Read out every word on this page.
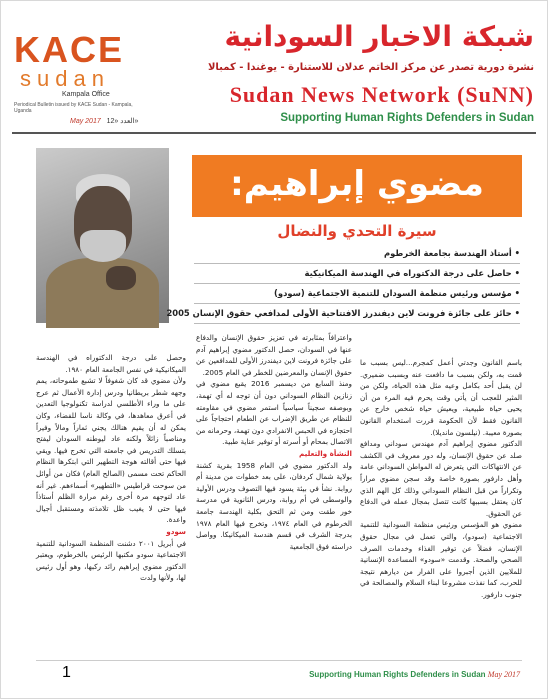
KACE
sudan
Kampala Office
Periodical Bulletin issued by KACE Sudan - Kampala, Uganda
May 2017 العدد «12»
شبكة الاخبار السودانية
نشرة دورية تصدر عن مركز الخاتم عدلان للاستنارة - يوغندا - كمبالا
Sudan News Network (SuNN)
Supporting Human Rights Defenders in Sudan
مضوي إبراهيم:
سيرة التحدي والنضال
• أستاذ الهندسة بجامعة الخرطوم
• حاصل على درجة الدكتوراه في الهندسة الميكانيكية
• مؤسس ورئيس منظمة السودان للتنمية الاجتماعية (سودو)
• حائز على جائزة فرونت لاين ديفندرز الافتتاحية الأولى لمدافعي حقوق الإنسان 2005

باسم القانون وجدتي أعمل كمجرم...ليس بسبب ما قمت به، ولكن بسبب ما دافعت عنه وبسبب ضميري. لن يقبل أحد بكامل وعيه مثل هذه الحياة، ولكن من المثير للعجب أن يأتي وقت يحرم فيه المرء من أن يحيى حياة طبيعية، ويعيش حياة شخص خارج عن القانون فقط لأن الحكومة قررت استخدام القانون بصورة معيبة. (نيلسون مانديلا).

الدكتور مضوي إبراهيم آدم مهندس سوداني ومدافع صلد عن حقوق الإنسان، وله دور معروف في الكشف عن الانتهاكات التي يتعرض له المواطن السوداني عامة وأهل دارفور بصورة خاصة وقد سجن مضوي مراراً وتكراراً من قبل النظام السوداني وذلك كل الهم الذي كان يعتقل بسببها كانت تتصل بمجال عمله في الدفاع عن الحقوق.

مضوي هو المؤسس ورئيس منظمة السودانية للتنمية الاجتماعية (سودو)، والتي تعمل في مجال حقوق الإنسان، فضلاً عن توفير الغذاء وخدمات الصرف الصحي والصحة. وقدمت «سودو» المساعدة الإنسانية للملايين الذين أجبروا على الفرار من ديارهم نتيجة للحرب، كما نفذت مشروعا لبناء السلام والمصالحة في جنوب دارفور.

واعترافاً بمثابرته في تعزيز حقوق الإنسان والدفاع عنها في السودان، حصل الدكتور مضوي إبراهيم آدم على جائزة فرونت لاين ديفندرز الأولى للمدافعين عن حقوق الإنسان والمعرضين للخطر في العام 2005.

ومنذ السابع من ديسمبر 2016 يقبع مضوي في زنازين النظام السوداني دون أن توجه له أي تهمة، وبوصفه سجيناً سياسياً استمر مضوي في مقاومته للنظام عن طريق الإضراب عن الطعام احتجاجاً على احتجازه في الحبس الانفرادي دون تهمة، وحرمانه من الاتصال بمحام أو أسرته أو توفير عناية طبية.

النشأة والتعليم

ولد الدكتور مضوي في العام 1958 بقرية كشنة بولاية شمال كردفان، على بعد خطوات من مدينة أم روابة. نشأ في بيئة يسود فيها التصوف ودرس الأولية والوسطى في أم روابة، ودرس الثانوية في مدرسة خور طقت ومن ثم التحق بكلية الهندسة جامعة الخرطوم في العام ١٩٧٤، وتخرج فيها العام ١٩٧٨ بدرجة الشرف في قسم هندسة الميكانيكا. وواصل دراسته فوق الجامعية

وحصل على درجة الدكتوراه في الهندسة الميكانيكية في نفس الجامعة العام ١٩٨٠.

ولأن مضوي قد كان شغوفاً لا تشبع طموحاته، يمم وجهه شطر بريطانيا ودرس إدارة الأعمال ثم عرج على ما وراء الأطلسي لدراسة تكنولوجيا التعدين في أعرق معاهدها، في وكالة ناسا للفضاء، وكان يمكن له أن يقيم هنالك يجني ثماراً ومالاً وفيراً ومناصباً زائلاً ولكنه عاد ليوطنه السودان ليفتح بتسلك التدريس في جامعته التي تخرج فيها. ويقي فيها حتى أقالته هوجة التطهير التي ابتكرها النظام الحاكم تحت مسمى (الصالح العام) فكان من أوائل من سوحت قراطيس «التطهير» أسماءهم. غير أنه عاد لتوجهه مرة أخرى رغم مرارة الظلم أستاذاً فيها حتى لا يغيب ظل تلامذته ومستقبل أجيال واعدة.

سودو

في أبريل ٢٠٠١ دشنت المنظمة السودانية للتنمية الاجتماعية سودو مكتبها الرئيس بالخرطوم، ويعتبر الدكتور مضوي إبراهيم رائد ركبها، وهو أول رئيس لها، ولأنها ولدت

1	Supporting Human Rights Defenders in Sudan May 2017
